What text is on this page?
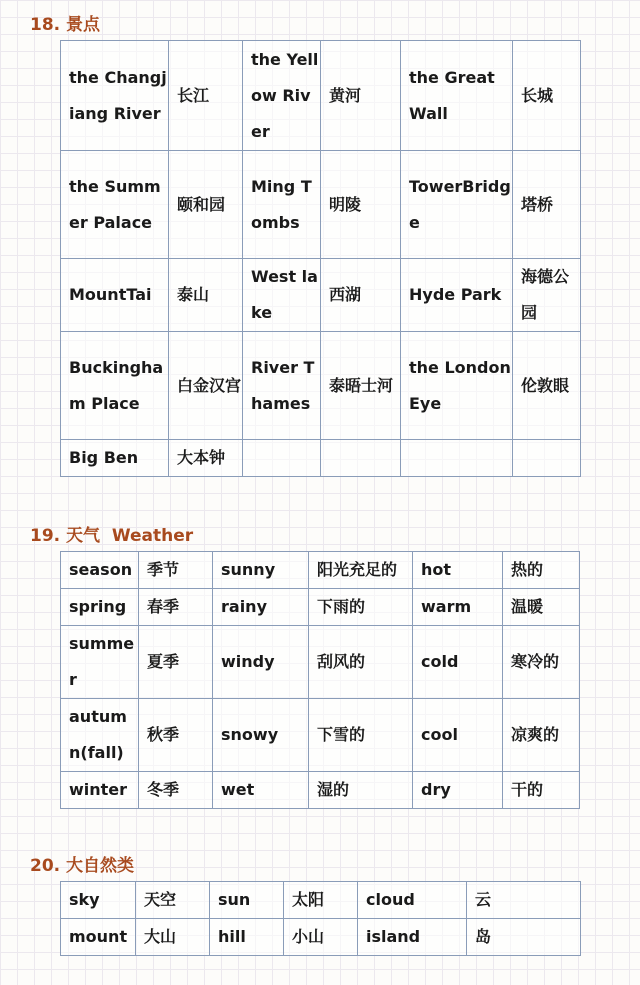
18. 景点
the Changjiang River	长江	the Yellow River	黄河	the Great Wall	长城
the Summer Palace	颐和园	Ming Tombs	明陵	TowerBridge	塔桥
MountTai	泰山	West lake	西湖	Hyde Park	海德公园
Buckingham Place	白金汉宫	River Thames	泰晤士河	the London Eye	伦敦眼
Big Ben	大本钟				
19. 天气  Weather
season	季节	sunny	阳光充足的	hot	热的
spring	春季	rainy	下雨的	warm	温暖
summer	夏季	windy	刮风的	cold	寒冷的
autumn(fall)	秋季	snowy	下雪的	cool	凉爽的
winter	冬季	wet	湿的	dry	干的
20. 大自然类
sky	天空	sun	太阳	cloud	云
mount	大山	hill	小山	island	岛
